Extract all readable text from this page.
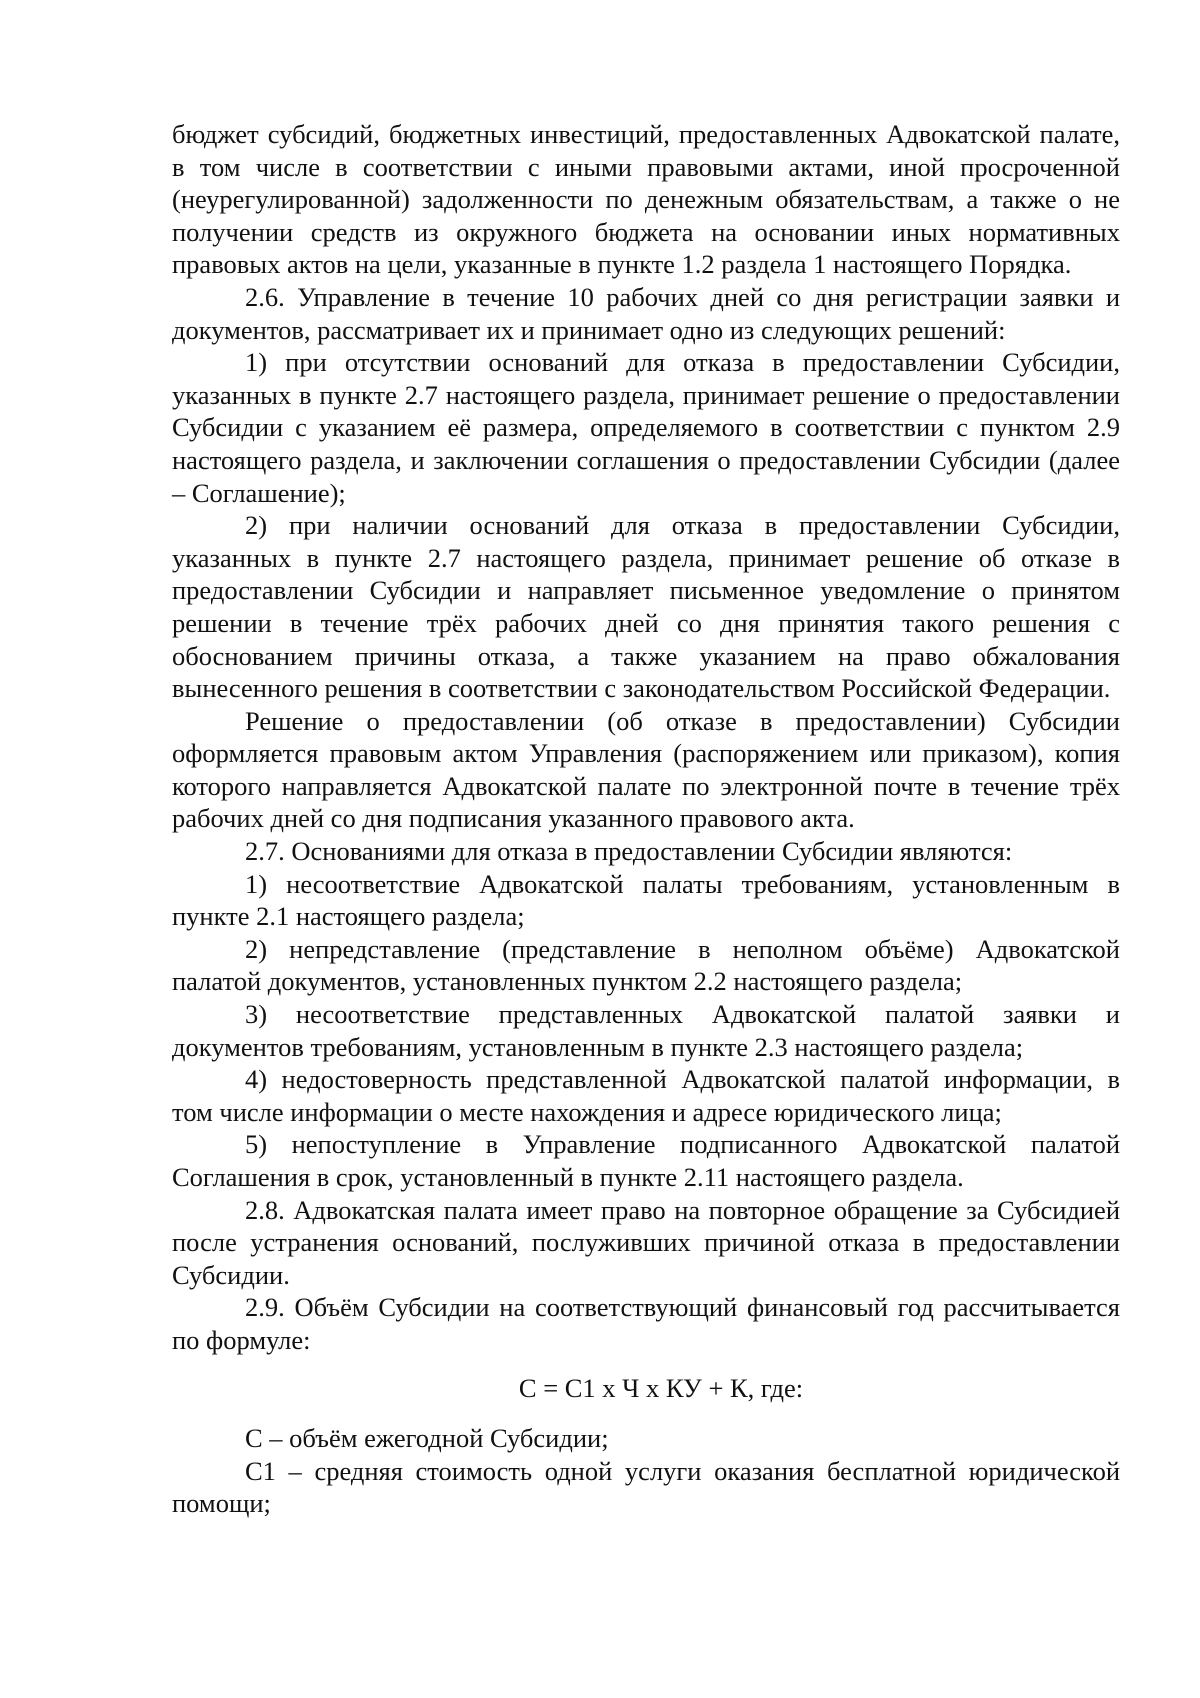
бюджет субсидий, бюджетных инвестиций, предоставленных Адвокатской палате, в том числе в соответствии с иными правовыми актами, иной просроченной (неурегулированной) задолженности по денежным обязательствам, а также о не получении средств из окружного бюджета на основании иных нормативных правовых актов на цели, указанные в пункте 1.2 раздела 1 настоящего Порядка.

2.6. Управление в течение 10 рабочих дней со дня регистрации заявки и документов, рассматривает их и принимает одно из следующих решений:

1) при отсутствии оснований для отказа в предоставлении Субсидии, указанных в пункте 2.7 настоящего раздела, принимает решение о предоставлении Субсидии с указанием её размера, определяемого в соответствии с пунктом 2.9 настоящего раздела, и заключении соглашения о предоставлении Субсидии (далее – Соглашение);

2) при наличии оснований для отказа в предоставлении Субсидии, указанных в пункте 2.7 настоящего раздела, принимает решение об отказе в предоставлении Субсидии и направляет письменное уведомление о принятом решении в течение трёх рабочих дней со дня принятия такого решения с обоснованием причины отказа, а также указанием на право обжалования вынесенного решения в соответствии с законодательством Российской Федерации.

Решение о предоставлении (об отказе в предоставлении) Субсидии оформляется правовым актом Управления (распоряжением или приказом), копия которого направляется Адвокатской палате по электронной почте в течение трёх рабочих дней со дня подписания указанного правового акта.

2.7. Основаниями для отказа в предоставлении Субсидии являются:

1) несоответствие Адвокатской палаты требованиям, установленным в пункте 2.1 настоящего раздела;

2) непредставление (представление в неполном объёме) Адвокатской палатой документов, установленных пунктом 2.2 настоящего раздела;

3) несоответствие представленных Адвокатской палатой заявки и документов требованиям, установленным в пункте 2.3 настоящего раздела;

4) недостоверность представленной Адвокатской палатой информации, в том числе информации о месте нахождения и адресе юридического лица;

5) непоступление в Управление подписанного Адвокатской палатой Соглашения в срок, установленный в пункте 2.11 настоящего раздела.

2.8. Адвокатская палата имеет право на повторное обращение за Субсидией после устранения оснований, послуживших причиной отказа в предоставлении Субсидии.

2.9. Объём Субсидии на соответствующий финансовый год рассчитывается по формуле:

С = С1 х Ч х КУ + К, где:

С – объём ежегодной Субсидии;

С1 – средняя стоимость одной услуги оказания бесплатной юридической помощи;
